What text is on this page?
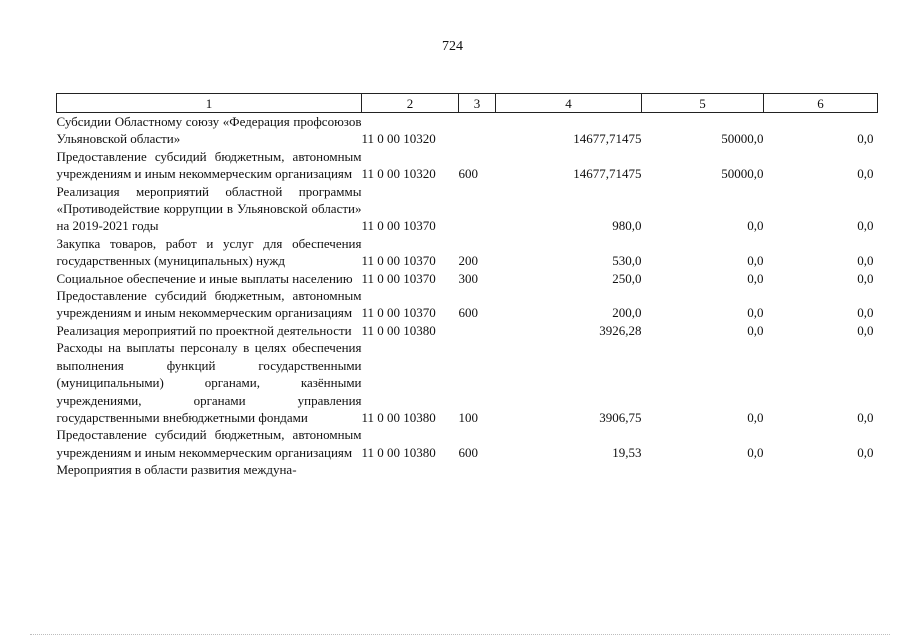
724
1	2	3	4	5	6
Субсидии Областному союзу «Федерация профсоюзов Ульяновской области»	11 0 00 10320		14677,71475	50000,0	0,0
Предоставление субсидий бюджетным, автономным учреждениям и иным некоммерческим организациям	11 0 00 10320	600	14677,71475	50000,0	0,0
Реализация мероприятий областной программы «Противодействие коррупции в Ульяновской области» на 2019-2021 годы	11 0 00 10370		980,0	0,0	0,0
Закупка товаров, работ и услуг для обеспечения государственных (муниципальных) нужд	11 0 00 10370	200	530,0	0,0	0,0
Социальное обеспечение и иные выплаты населению	11 0 00 10370	300	250,0	0,0	0,0
Предоставление субсидий бюджетным, автономным учреждениям и иным некоммерческим организациям	11 0 00 10370	600	200,0	0,0	0,0
Реализация мероприятий по проектной деятельности	11 0 00 10380		3926,28	0,0	0,0
Расходы на выплаты персоналу в целях обеспечения выполнения функций государственными (муниципальными) органами, казёнными учреждениями, органами управления государственными внебюджетными фондами	11 0 00 10380	100	3906,75	0,0	0,0
Предоставление субсидий бюджетным, автономным учреждениям и иным некоммерческим организациям	11 0 00 10380	600	19,53	0,0	0,0
Мероприятия в области развития междуна-					
